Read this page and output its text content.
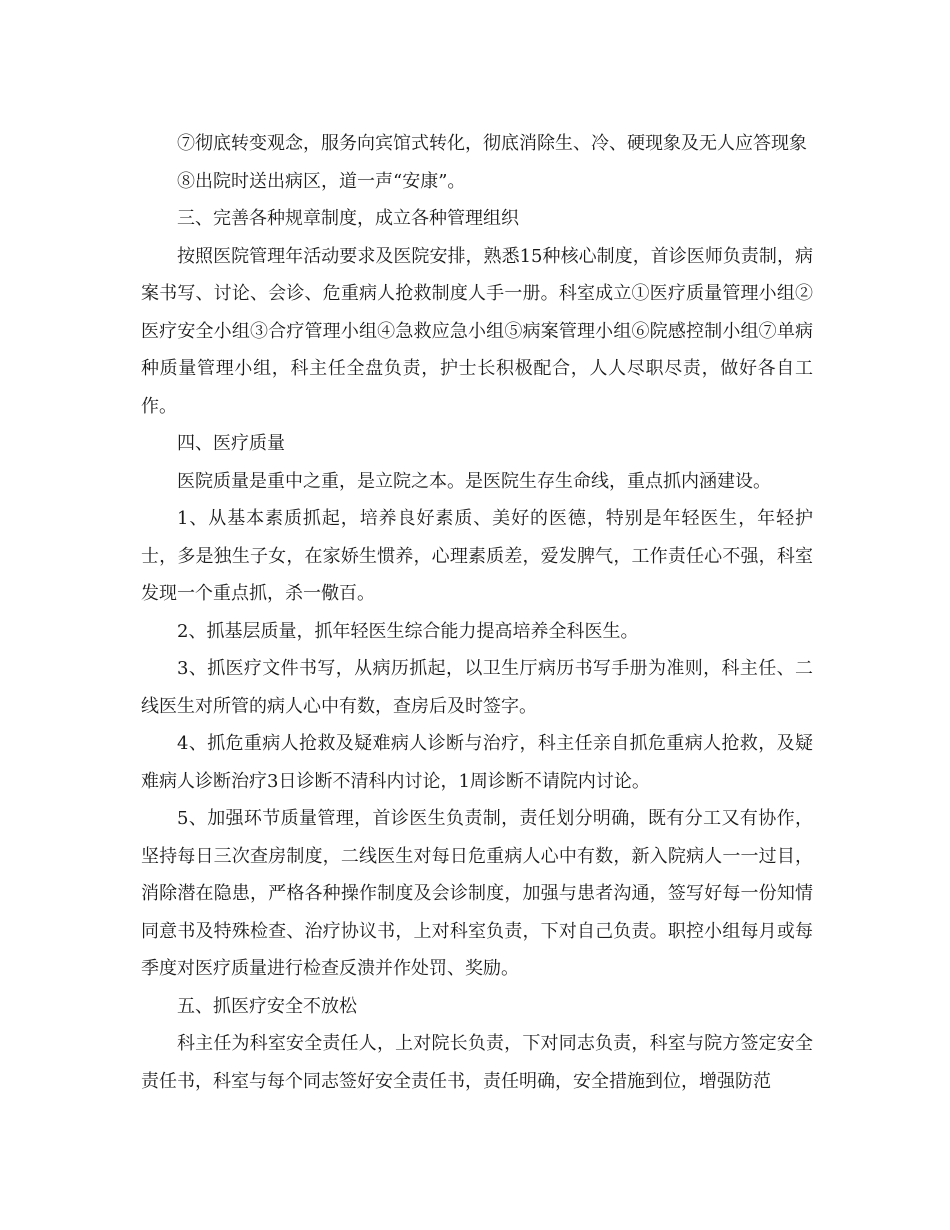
⑦彻底转变观念，服务向宾馆式转化，彻底消除生、冷、硬现象及无人应答现象

⑧出院时送出病区，道一声“安康”。

三、完善各种规章制度，成立各种管理组织

按照医院管理年活动要求及医院安排，熟悉15种核心制度，首诊医师负责制，病案书写、讨论、会诊、危重病人抢救制度人手一册。科室成立①医疗质量管理小组②医疗安全小组③合疗管理小组④急救应急小组⑤病案管理小组⑥院感控制小组⑦单病种质量管理小组，科主任全盘负责，护士长积极配合，人人尽职尽责，做好各自工作。

四、医疗质量

医院质量是重中之重，是立院之本。是医院生存生命线，重点抓内涵建设。

1、从基本素质抓起，培养良好素质、美好的医德，特别是年轻医生，年轻护士，多是独生子女，在家娇生惯养，心理素质差，爱发脾气，工作责任心不强，科室发现一个重点抓，杀一儆百。

2、抓基层质量，抓年轻医生综合能力提高培养全科医生。

3、抓医疗文件书写，从病历抓起，以卫生厅病历书写手册为准则，科主任、二线医生对所管的病人心中有数，查房后及时签字。

4、抓危重病人抢救及疑难病人诊断与治疗，科主任亲自抓危重病人抢救，及疑难病人诊断治疗3日诊断不清科内讨论，1周诊断不请院内讨论。

5、加强环节质量管理，首诊医生负责制，责任划分明确，既有分工又有协作，坚持每日三次查房制度，二线医生对每日危重病人心中有数，新入院病人一一过目，消除潜在隐患，严格各种操作制度及会诊制度，加强与患者沟通，签写好每一份知情同意书及特殊检查、治疗协议书，上对科室负责，下对自己负责。职控小组每月或每季度对医疗质量进行检查反溃并作处罚、奖励。

五、抓医疗安全不放松

科主任为科室安全责任人，上对院长负责，下对同志负责，科室与院方签定安全责任书，科室与每个同志签好安全责任书，责任明确，安全措施到位，增强防范
